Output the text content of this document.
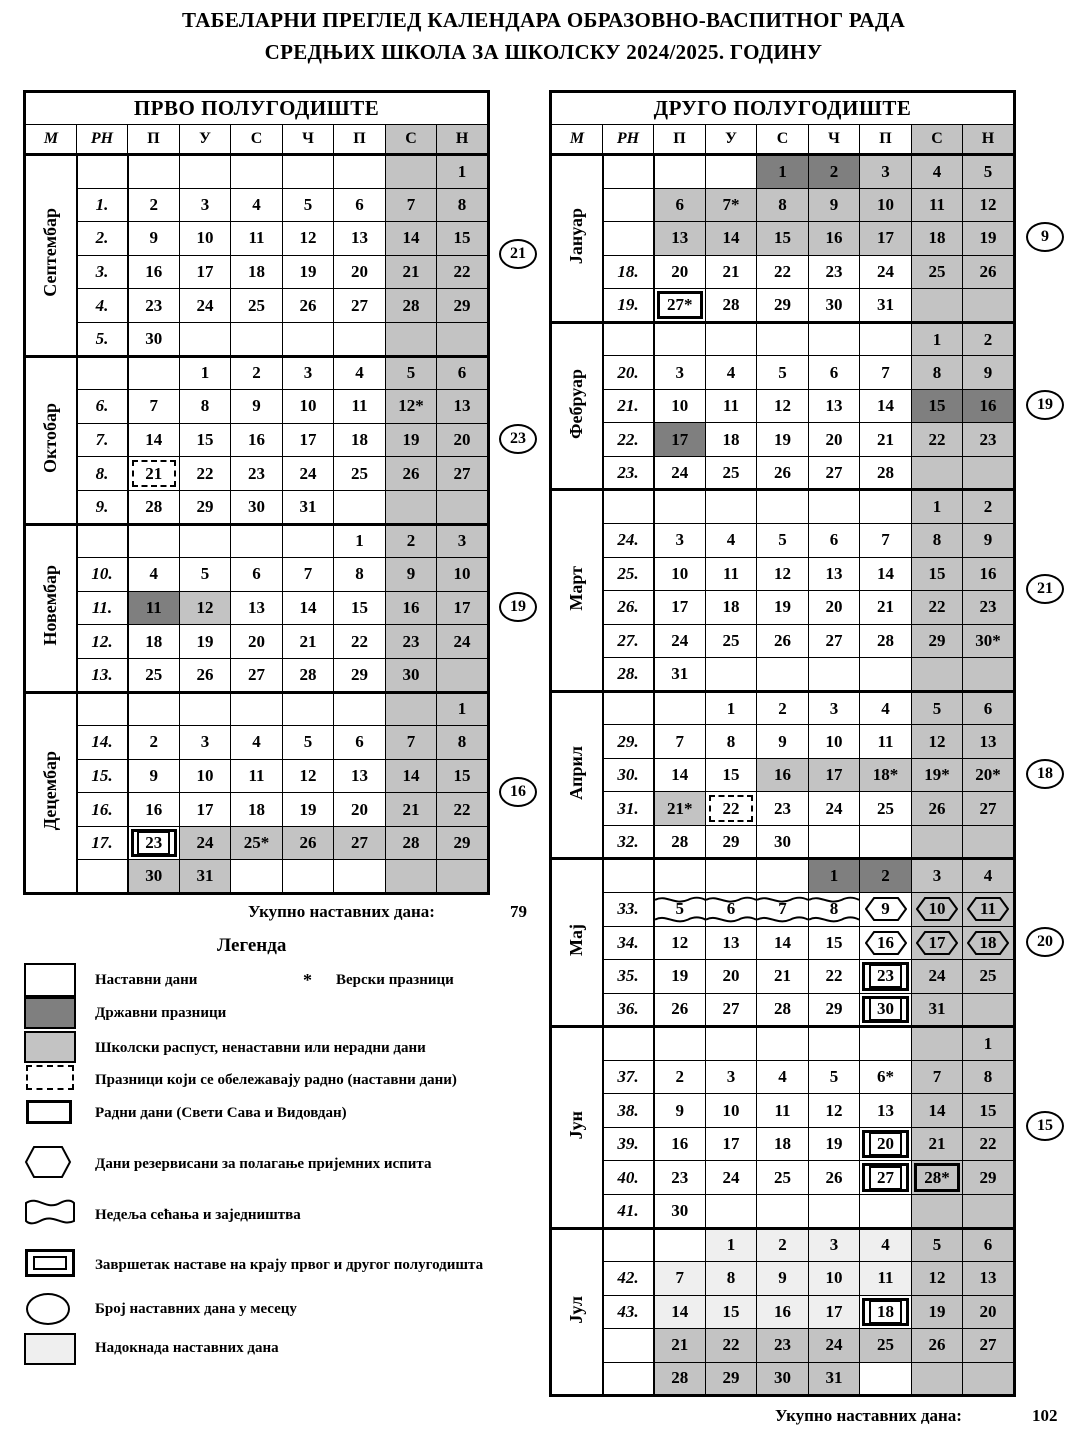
ТАБЕЛАРНИ ПРЕГЛЕД КАЛЕНДАРА ОБРАЗОВНО-ВАСПИТНОГ РАДА
СРЕДЊИХ ШКОЛА ЗА ШКОЛСКУ 2024/2025. ГОДИНУ
ПРВО ПОЛУГОДИШТЕ								
М	РН	П	У	С	Ч	П	С	Н
Септембар								1
	1.	2	3	4	5	6	7	8
	2.	9	10	11	12	13	14	15
	3.	16	17	18	19	20	21	22
	4.	23	24	25	26	27	28	29
	5.	30						
Октобар			1	2	3	4	5	6
	6.	7	8	9	10	11	12*	13
	7.	14	15	16	17	18	19	20
	8.	21	22	23	24	25	26	27
	9.	28	29	30	31			
Новембар						1	2	3
	10.	4	5	6	7	8	9	10
	11.	11	12	13	14	15	16	17
	12.	18	19	20	21	22	23	24
	13.	25	26	27	28	29	30	
Децембар								1
	14.	2	3	4	5	6	7	8
	15.	9	10	11	12	13	14	15
	16.	16	17	18	19	20	21	22
	17.	23	24	25*	26	27	28	29
		30	31					
ДРУГО ПОЛУГОДИШТЕ								
М	РН	П	У	С	Ч	П	С	Н
Јануар				1	2	3	4	5
		6	7*	8	9	10	11	12
		13	14	15	16	17	18	19
	18.	20	21	22	23	24	25	26
	19.	27*	28	29	30	31		
Фебруар							1	2
	20.	3	4	5	6	7	8	9
	21.	10	11	12	13	14	15	16
	22.	17	18	19	20	21	22	23
	23.	24	25	26	27	28		
Март							1	2
	24.	3	4	5	6	7	8	9
	25.	10	11	12	13	14	15	16
	26.	17	18	19	20	21	22	23
	27.	24	25	26	27	28	29	30*
	28.	31						
Април			1	2	3	4	5	6
	29.	7	8	9	10	11	12	13
	30.	14	15	16	17	18*	19*	20*
	31.	21*	22	23	24	25	26	27
	32.	28	29	30				
Мај					1	2	3	4
	33.	5	6	7	8	9	10	11

	34.	12	13	14	15	16	17	18

	35.	19	20	21	22	23	24	25
	36.	26	27	28	29	30	31	
Јун								1
	37.	2	3	4	5	6*	7	8
	38.	9	10	11	12	13	14	15
	39.	16	17	18	19	20	21	22
	40.	23	24	25	26	27	28*	29
	41.	30						
Јул			1	2	3	4	5	6
	42.	7	8	9	10	11	12	13
	43.	14	15	16	17	18	19	20
		21	22	23	24	25	26	27
		28	29	30	31			
21
23
19
16
9
19
21
18
20
15
Укупно наставних дана:	79
Укупно наставних дана:	102
Легенда
Наставни дани	* Верски празници
Државни празници
Школски распуст, ненаставни или нерадни дани
Празници који се обележавају радно (наставни дани)
Радни дани (Свети Сава и Видовдан)
Дани резервисани за полагање пријемних испита
Недеља сећања и заједништва
Завршетак наставе на крају првог и другог полугодишта
Број наставних дана у месецу
Надокнада наставних дана
